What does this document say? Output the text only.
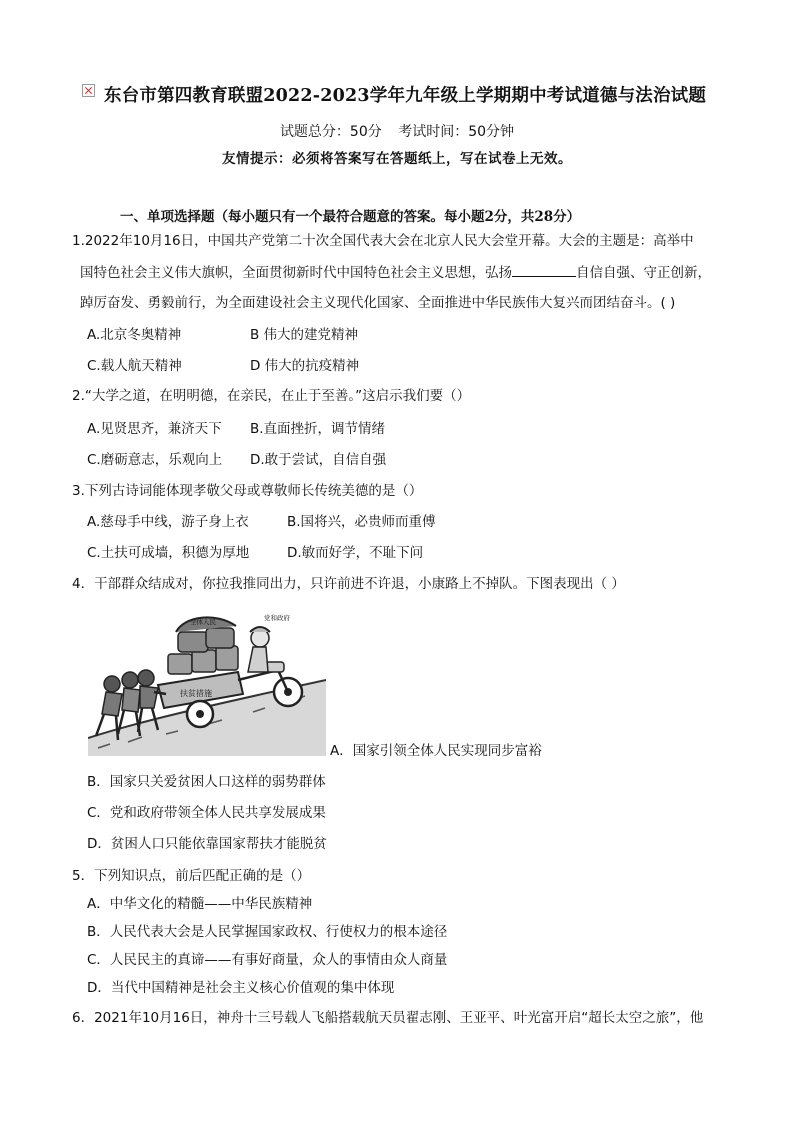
东台市第四教育联盟2022-2023学年九年级上学期期中考试道德与法治试题
试题总分：50分 考试时间：50分钟
友情提示：必须将答案写在答题纸上，写在试卷上无效。
一、单项选择题（每小题只有一个最符合题意的答案。每小题2分，共28分）
1.2022年10月16日，中国共产党第二十次全国代表大会在北京人民大会堂开幕。大会的主题是：高举中
国特色社会主义伟大旗帜，全面贯彻新时代中国特色社会主义思想，弘扬	自信自强、守正创新，
踔厉奋发、勇毅前行，为全面建设社会主义现代化国家、全面推进中华民族伟大复兴而团结奋斗。( )
A.北京冬奥精神	B 伟大的建党精神
C.载人航天精神	D 伟大的抗疫精神
2.“大学之道，在明明德，在亲民，在止于至善。”这启示我们要（）
A.见贤思齐，兼济天下 B.直面挫折，调节情绪
C.磨砺意志，乐观向上 D.敢于尝试，自信自强
3.下列古诗词能体现孝敬父母或尊敬师长传统美德的是（）
A.慈母手中线，游子身上衣	B.国将兴，必贵师而重傅
C.土扶可成墙，积德为厚地	D.敏而好学，不耻下问
4．干部群众结成对，你拉我推同出力，只许前进不许退，小康路上不掉队。下图表现出（ ）
扶贫措施
全体人民	党和政府
A．国家引领全体人民实现同步富裕
B．国家只关爱贫困人口这样的弱势群体
C．党和政府带领全体人民共享发展成果
D．贫困人口只能依靠国家帮扶才能脱贫
5．下列知识点，前后匹配正确的是（）
A．中华文化的精髓——中华民族精神
B．人民代表大会是人民掌握国家政权、行使权力的根本途径
C．人民民主的真谛——有事好商量，众人的事情由众人商量
D．当代中国精神是社会主义核心价值观的集中体现
6．2021年10月16日，神舟十三号载人飞船搭载航天员翟志刚、王亚平、叶光富开启“超长太空之旅”，他
